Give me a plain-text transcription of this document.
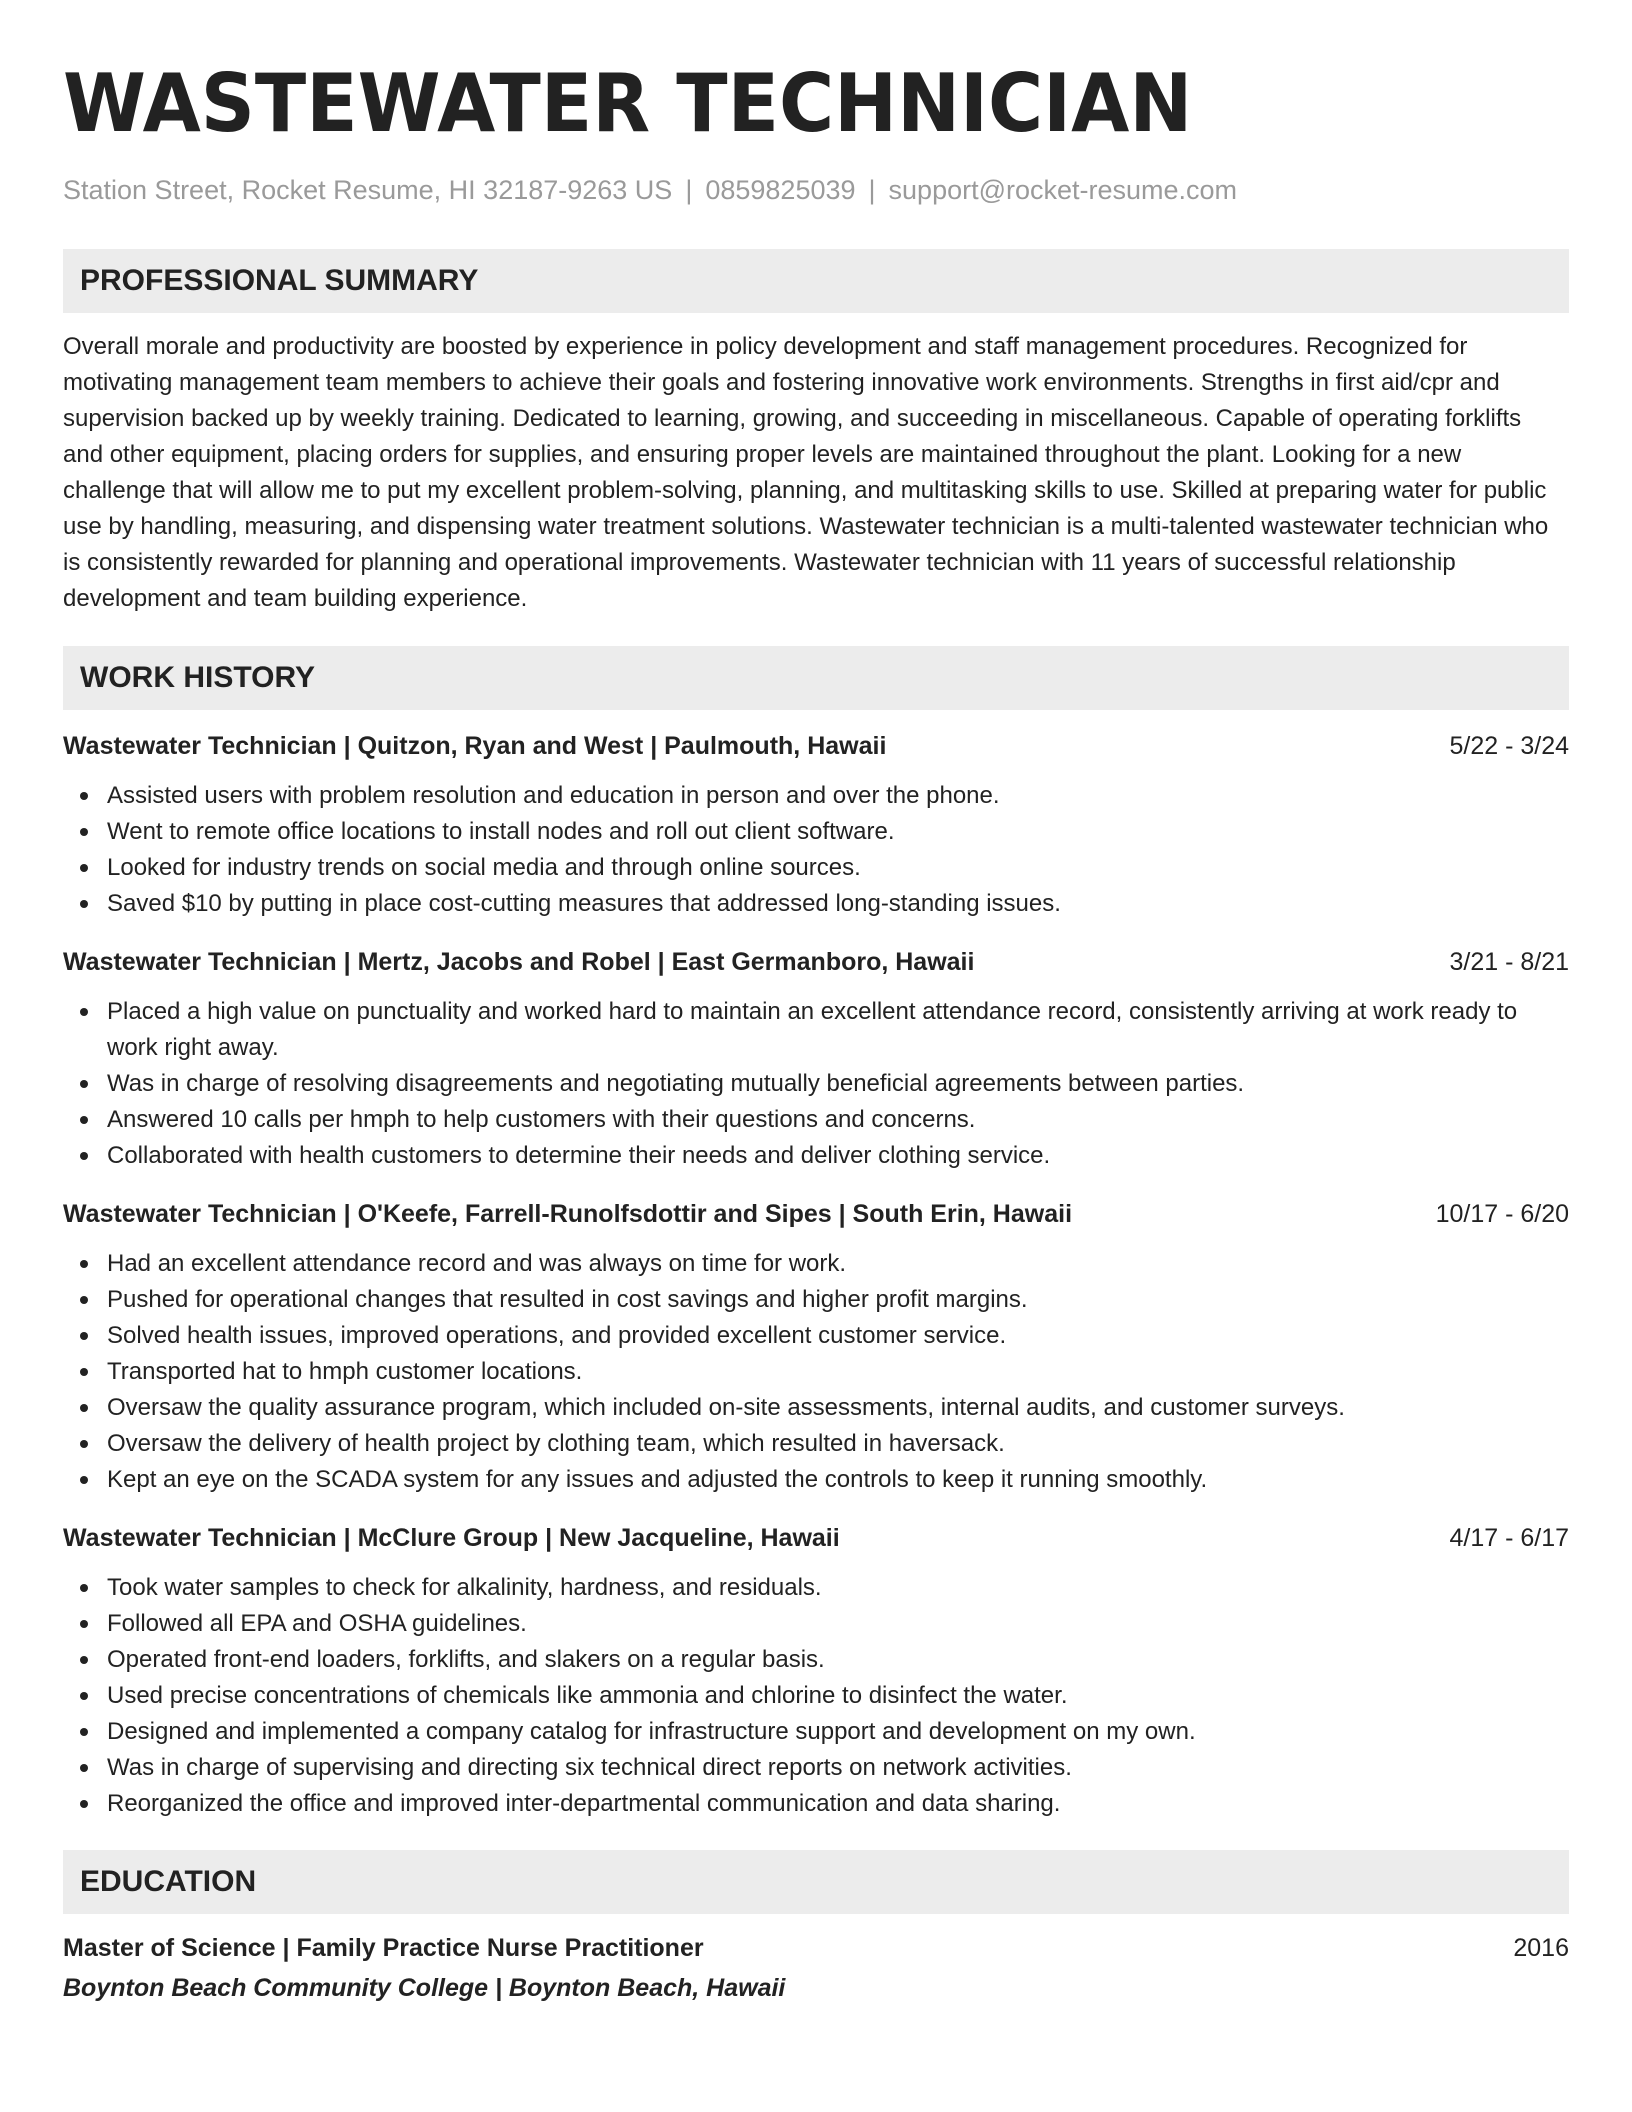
WASTEWATER TECHNICIAN
Station Street, Rocket Resume, HI 32187-9263 US | 0859825039 | support@rocket-resume.com
PROFESSIONAL SUMMARY
Overall morale and productivity are boosted by experience in policy development and staff management procedures. Recognized for motivating management team members to achieve their goals and fostering innovative work environments. Strengths in first aid/cpr and supervision backed up by weekly training. Dedicated to learning, growing, and succeeding in miscellaneous. Capable of operating forklifts and other equipment, placing orders for supplies, and ensuring proper levels are maintained throughout the plant. Looking for a new challenge that will allow me to put my excellent problem-solving, planning, and multitasking skills to use. Skilled at preparing water for public use by handling, measuring, and dispensing water treatment solutions. Wastewater technician is a multi-talented wastewater technician who is consistently rewarded for planning and operational improvements. Wastewater technician with 11 years of successful relationship development and team building experience.
WORK HISTORY
Wastewater Technician | Quitzon, Ryan and West | Paulmouth, Hawaii	5/22 - 3/24
Assisted users with problem resolution and education in person and over the phone.
Went to remote office locations to install nodes and roll out client software.
Looked for industry trends on social media and through online sources.
Saved $10 by putting in place cost-cutting measures that addressed long-standing issues.
Wastewater Technician | Mertz, Jacobs and Robel | East Germanboro, Hawaii	3/21 - 8/21
Placed a high value on punctuality and worked hard to maintain an excellent attendance record, consistently arriving at work ready to work right away.
Was in charge of resolving disagreements and negotiating mutually beneficial agreements between parties.
Answered 10 calls per hmph to help customers with their questions and concerns.
Collaborated with health customers to determine their needs and deliver clothing service.
Wastewater Technician | O'Keefe, Farrell-Runolfsdottir and Sipes | South Erin, Hawaii	10/17 - 6/20
Had an excellent attendance record and was always on time for work.
Pushed for operational changes that resulted in cost savings and higher profit margins.
Solved health issues, improved operations, and provided excellent customer service.
Transported hat to hmph customer locations.
Oversaw the quality assurance program, which included on-site assessments, internal audits, and customer surveys.
Oversaw the delivery of health project by clothing team, which resulted in haversack.
Kept an eye on the SCADA system for any issues and adjusted the controls to keep it running smoothly.
Wastewater Technician | McClure Group | New Jacqueline, Hawaii	4/17 - 6/17
Took water samples to check for alkalinity, hardness, and residuals.
Followed all EPA and OSHA guidelines.
Operated front-end loaders, forklifts, and slakers on a regular basis.
Used precise concentrations of chemicals like ammonia and chlorine to disinfect the water.
Designed and implemented a company catalog for infrastructure support and development on my own.
Was in charge of supervising and directing six technical direct reports on network activities.
Reorganized the office and improved inter-departmental communication and data sharing.
EDUCATION
Master of Science | Family Practice Nurse Practitioner	2016
Boynton Beach Community College | Boynton Beach, Hawaii
